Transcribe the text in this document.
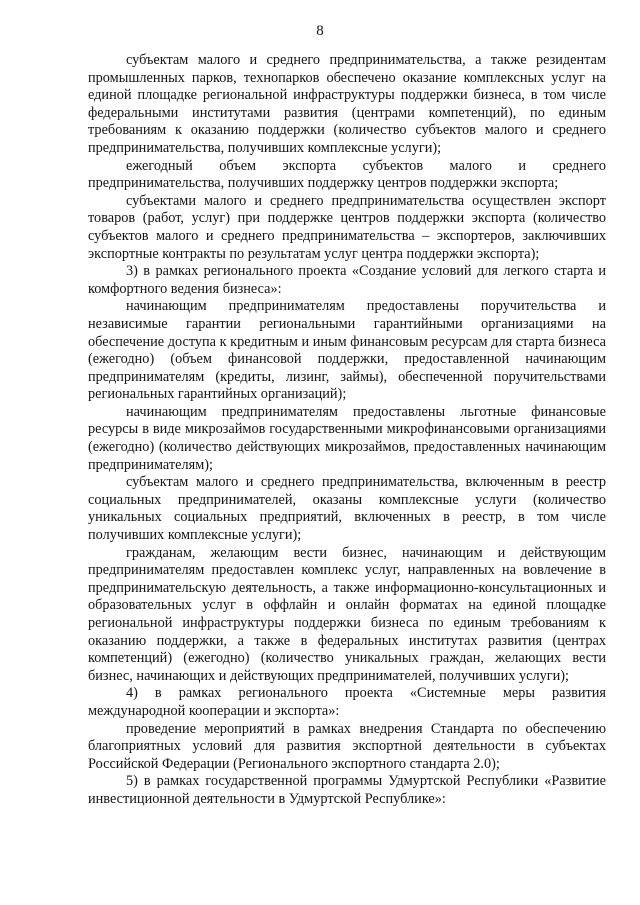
8

субъектам малого и среднего предпринимательства, а также резидентам промышленных парков, технопарков обеспечено оказание комплексных услуг на единой площадке региональной инфраструктуры поддержки бизнеса, в том числе федеральными институтами развития (центрами компетенций), по единым требованиям к оказанию поддержки (количество субъектов малого и среднего предпринимательства, получивших комплексные услуги);

ежегодный объем экспорта субъектов малого и среднего предпринимательства, получивших поддержку центров поддержки экспорта;

субъектами малого и среднего предпринимательства осуществлен экспорт товаров (работ, услуг) при поддержке центров поддержки экспорта (количество субъектов малого и среднего предпринимательства – экспортеров, заключивших экспортные контракты по результатам услуг центра поддержки экспорта);

3) в рамках регионального проекта «Создание условий для легкого старта и комфортного ведения бизнеса»:

начинающим предпринимателям предоставлены поручительства и независимые гарантии региональными гарантийными организациями на обеспечение доступа к кредитным и иным финансовым ресурсам для старта бизнеса (ежегодно) (объем финансовой поддержки, предоставленной начинающим предпринимателям (кредиты, лизинг, займы), обеспеченной поручительствами региональных гарантийных организаций);

начинающим предпринимателям предоставлены льготные финансовые ресурсы в виде микрозаймов государственными микрофинансовыми организациями (ежегодно) (количество действующих микрозаймов, предоставленных начинающим предпринимателям);

субъектам малого и среднего предпринимательства, включенным в реестр социальных предпринимателей, оказаны комплексные услуги (количество уникальных социальных предприятий, включенных в реестр, в том числе получивших комплексные услуги);

гражданам, желающим вести бизнес, начинающим и действующим предпринимателям предоставлен комплекс услуг, направленных на вовлечение в предпринимательскую деятельность, а также информационно-консультационных и образовательных услуг в оффлайн и онлайн форматах на единой площадке региональной инфраструктуры поддержки бизнеса по единым требованиям к оказанию поддержки, а также в федеральных институтах развития (центрах компетенций) (ежегодно) (количество уникальных граждан, желающих вести бизнес, начинающих и действующих предпринимателей, получивших услуги);

4) в рамках регионального проекта «Системные меры развития международной кооперации и экспорта»:

проведение мероприятий в рамках внедрения Стандарта по обеспечению благоприятных условий для развития экспортной деятельности в субъектах Российской Федерации (Регионального экспортного стандарта 2.0);

5) в рамках государственной программы Удмуртской Республики «Развитие инвестиционной деятельности в Удмуртской Республике»:
